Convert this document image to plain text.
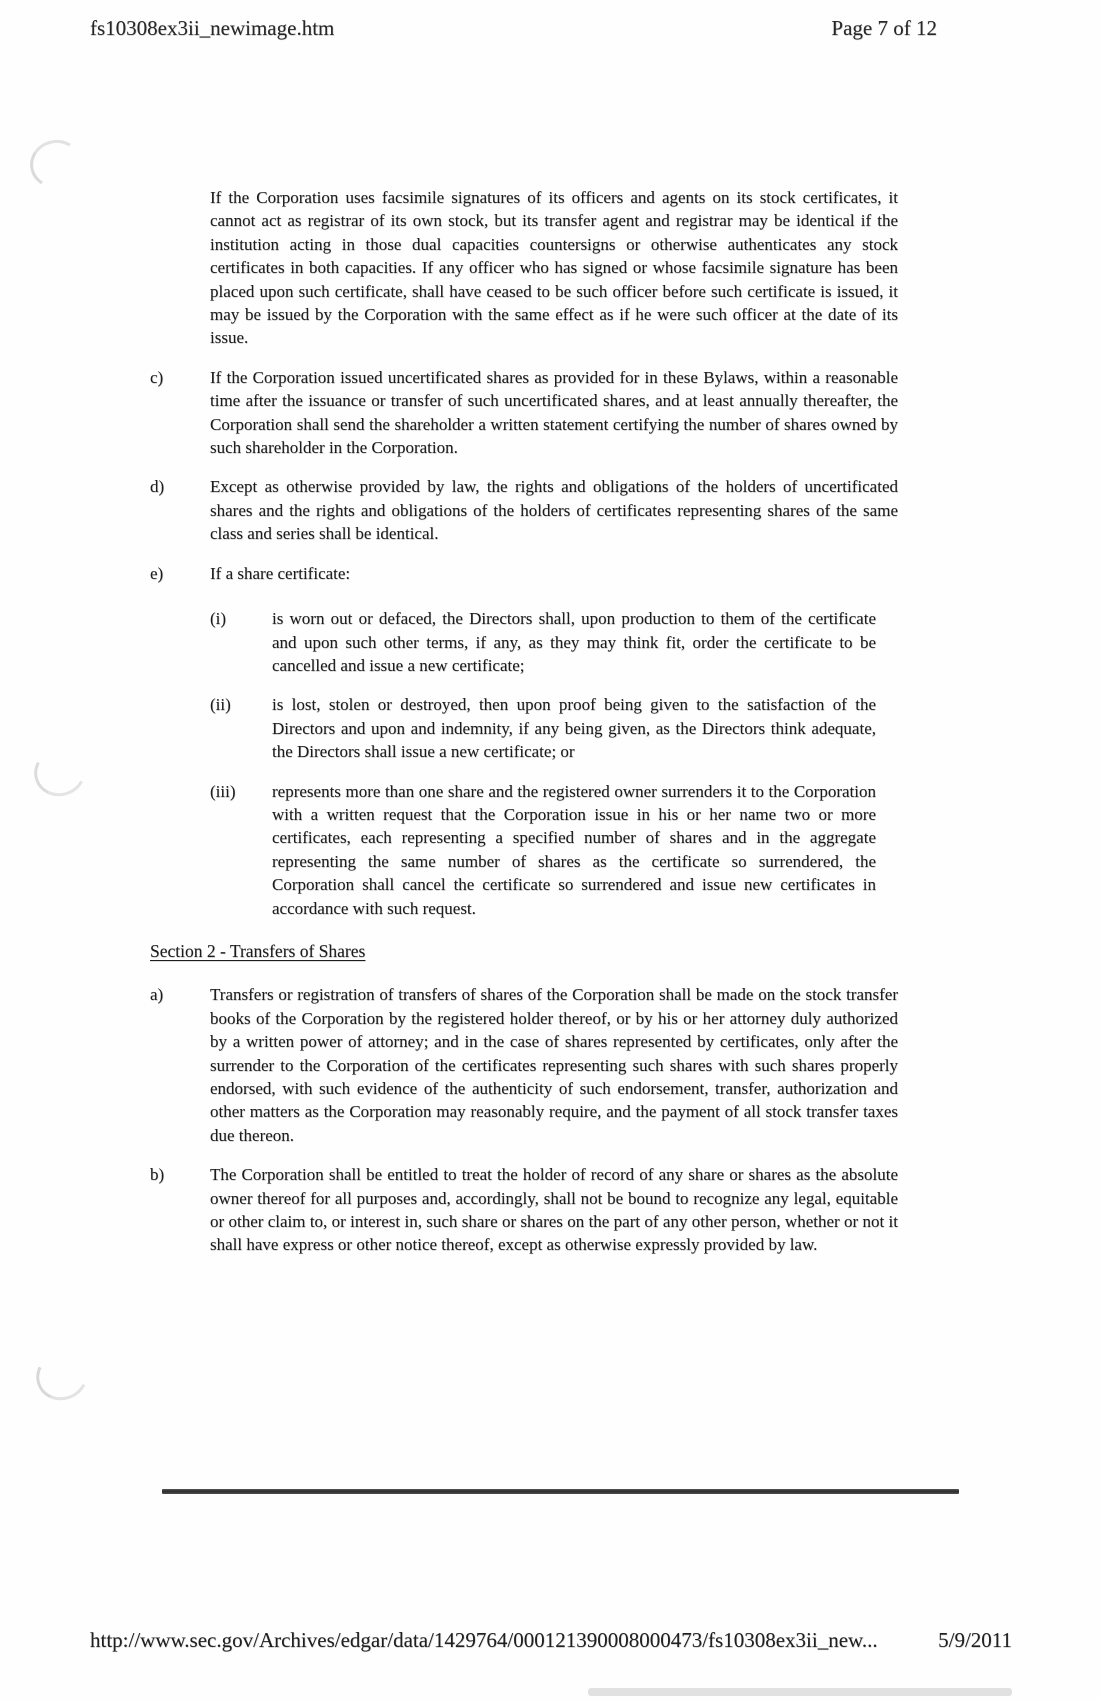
fs10308ex3ii_newimage.htm	Page 7 of 12
If the Corporation uses facsimile signatures of its officers and agents on its stock certificates, it cannot act as registrar of its own stock, but its transfer agent and registrar may be identical if the institution acting in those dual capacities countersigns or otherwise authenticates any stock certificates in both capacities. If any officer who has signed or whose facsimile signature has been placed upon such certificate, shall have ceased to be such officer before such certificate is issued, it may be issued by the Corporation with the same effect as if he were such officer at the date of its issue.
c)	If the Corporation issued uncertificated shares as provided for in these Bylaws, within a reasonable time after the issuance or transfer of such uncertificated shares, and at least annually thereafter, the Corporation shall send the shareholder a written statement certifying the number of shares owned by such shareholder in the Corporation.
d)	Except as otherwise provided by law, the rights and obligations of the holders of uncertificated shares and the rights and obligations of the holders of certificates representing shares of the same class and series shall be identical.
e)	If a share certificate:
(i)	is worn out or defaced, the Directors shall, upon production to them of the certificate and upon such other terms, if any, as they may think fit, order the certificate to be cancelled and issue a new certificate;
(ii)	is lost, stolen or destroyed, then upon proof being given to the satisfaction of the Directors and upon and indemnity, if any being given, as the Directors think adequate, the Directors shall issue a new certificate; or
(iii)	represents more than one share and the registered owner surrenders it to the Corporation with a written request that the Corporation issue in his or her name two or more certificates, each representing a specified number of shares and in the aggregate representing the same number of shares as the certificate so surrendered, the Corporation shall cancel the certificate so surrendered and issue new certificates in accordance with such request.
Section 2 - Transfers of Shares
a)	Transfers or registration of transfers of shares of the Corporation shall be made on the stock transfer books of the Corporation by the registered holder thereof, or by his or her attorney duly authorized by a written power of attorney; and in the case of shares represented by certificates, only after the surrender to the Corporation of the certificates representing such shares with such shares properly endorsed, with such evidence of the authenticity of such endorsement, transfer, authorization and other matters as the Corporation may reasonably require, and the payment of all stock transfer taxes due thereon.
b)	The Corporation shall be entitled to treat the holder of record of any share or shares as the absolute owner thereof for all purposes and, accordingly, shall not be bound to recognize any legal, equitable or other claim to, or interest in, such share or shares on the part of any other person, whether or not it shall have express or other notice thereof, except as otherwise expressly provided by law.
http://www.sec.gov/Archives/edgar/data/1429764/000121390008000473/fs10308ex3ii_new...	5/9/2011
